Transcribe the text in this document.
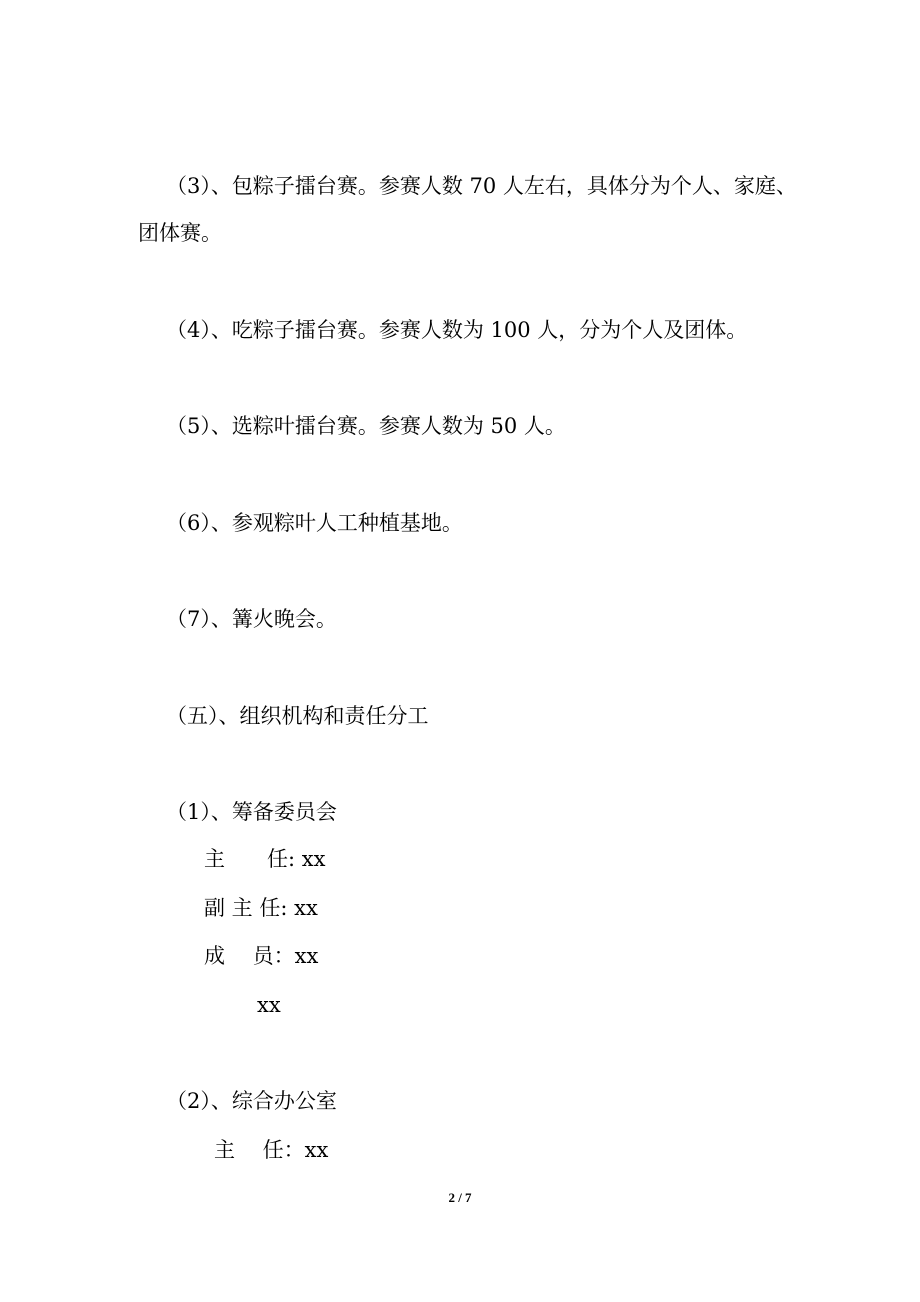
（3）、包粽子擂台赛。参赛人数 70 人左右，具体分为个人、家庭、
团体赛。
（4）、吃粽子擂台赛。参赛人数为 100 人，分为个人及团体。
（5）、选粽叶擂台赛。参赛人数为 50 人。
（6）、参观粽叶人工种植基地。
（7）、篝火晚会。
（五）、组织机构和责任分工
（1）、筹备委员会
主　　任: xx
副 主 任: xx
成　 员：xx
xx
（2）、综合办公室
主　 任：xx
2 / 7
